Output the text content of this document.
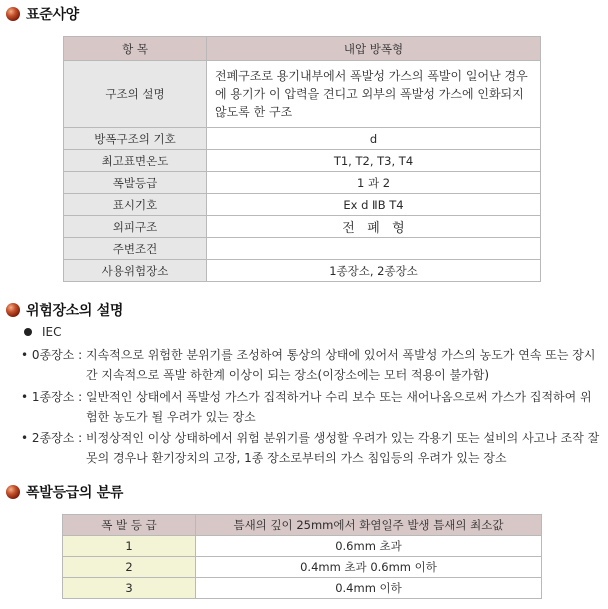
표준사양
항 목	내압 방폭형
구조의 설명	전폐구조로 용기내부에서 폭발성 가스의 폭발이 일어난 경우에 용기가 이 압력을 견디고 외부의 폭발성 가스에 인화되지 않도록 한 구조
방폭구조의 기호	d
최고표면온도	T1, T2, T3, T4
폭발등급	1 과 2
표시기호	Ex d ⅡB T4
외피구조	전   폐   형
주변조건	
사용위험장소	1종장소, 2종장소
위험장소의 설명
IEC
• 0종장소 : 지속적으로 위험한 분위기를 조성하여 통상의 상태에 있어서 폭발성 가스의 농도가 연속 또는 장시간 지속적으로 폭발 하한계 이상이 되는 장소(이장소에는 모터 적용이 불가함)
• 1종장소 : 일반적인 상태에서 폭발성 가스가 집적하거나 수리 보수 또는 새어나옴으로써 가스가 집적하여 위험한 농도가 될 우려가 있는 장소
• 2종장소 : 비정상적인 이상 상태하에서 위험 분위기를 생성할 우려가 있는 각용기 또는 설비의 사고나 조작 잘못의 경우나 환기장치의 고장, 1종 장소로부터의 가스 침입등의 우려가 있는 장소
폭발등급의 분류
폭 발 등 급	틈새의 깊이 25mm에서 화염일주 발생 틈새의 최소값
1	0.6mm 초과
2	0.4mm 초과 0.6mm 이하
3	0.4mm 이하
